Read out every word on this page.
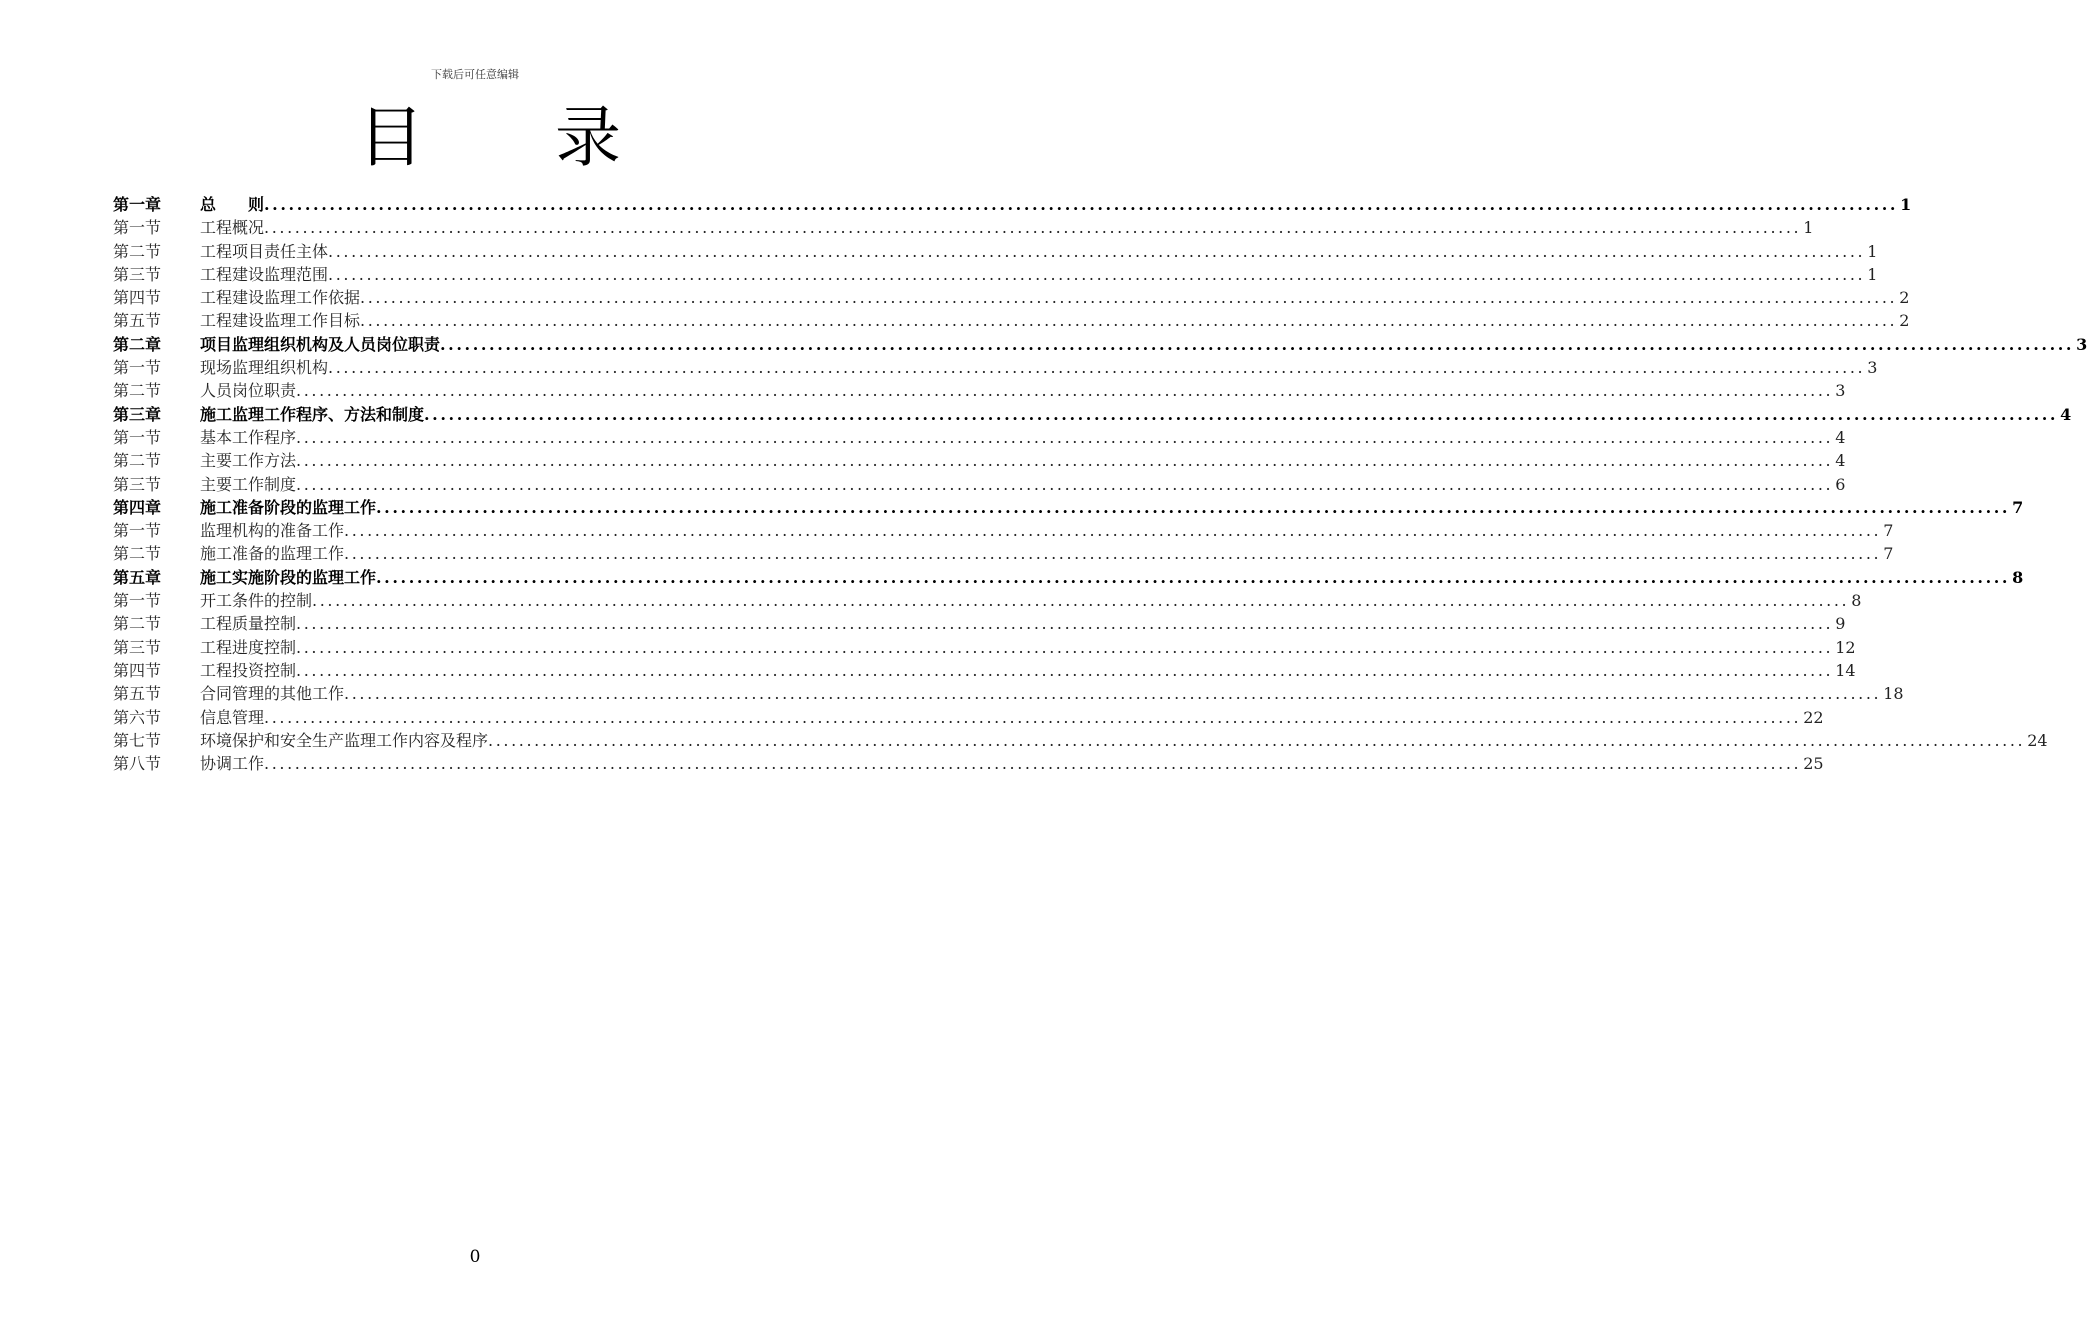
下载后可任意编辑
目 录
第一章	总　　则 ........................................................................................................................................................................................................ 1
第一节	工程概况 ........................................................................................................................................................................................................ 1
第二节	工程项目责任主体 ........................................................................................................................................................................................................ 1
第三节	工程建设监理范围 ........................................................................................................................................................................................................ 1
第四节	工程建设监理工作依据 ........................................................................................................................................................................................................ 2
第五节	工程建设监理工作目标 ........................................................................................................................................................................................................ 2
第二章	项目监理组织机构及人员岗位职责 ........................................................................................................................................................................................................ 3
第一节	现场监理组织机构 ........................................................................................................................................................................................................ 3
第二节	人员岗位职责 ........................................................................................................................................................................................................ 3
第三章	施工监理工作程序、方法和制度 ........................................................................................................................................................................................................ 4
第一节	基本工作程序 ........................................................................................................................................................................................................ 4
第二节	主要工作方法 ........................................................................................................................................................................................................ 4
第三节	主要工作制度 ........................................................................................................................................................................................................ 6
第四章	施工准备阶段的监理工作 ........................................................................................................................................................................................................ 7
第一节	监理机构的准备工作 ........................................................................................................................................................................................................ 7
第二节	施工准备的监理工作 ........................................................................................................................................................................................................ 7
第五章	施工实施阶段的监理工作 ........................................................................................................................................................................................................ 8
第一节	开工条件的控制 ........................................................................................................................................................................................................ 8
第二节	工程质量控制 ........................................................................................................................................................................................................ 9
第三节	工程进度控制 ........................................................................................................................................................................................................ 12
第四节	工程投资控制 ........................................................................................................................................................................................................ 14
第五节	合同管理的其他工作 ........................................................................................................................................................................................................ 18
第六节	信息管理 ........................................................................................................................................................................................................ 22
第七节	环境保护和安全生产监理工作内容及程序 ........................................................................................................................................................................................................ 24
第八节	协调工作 ........................................................................................................................................................................................................ 25
0
